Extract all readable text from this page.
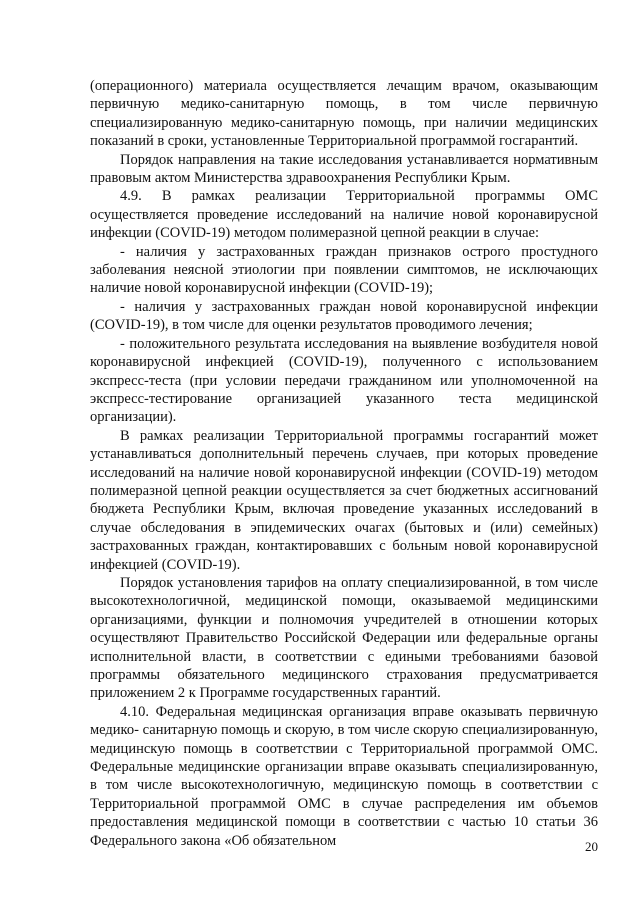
(операционного) материала осуществляется лечащим врачом, оказывающим первичную медико-санитарную помощь, в том числе первичную специализированную медико-санитарную помощь, при наличии медицинских показаний в сроки, установленные Территориальной программой госгарантий.

Порядок направления на такие исследования устанавливается нормативным правовым актом Министерства здравоохранения Республики Крым.

4.9. В рамках реализации Территориальной программы ОМС осуществляется проведение исследований на наличие новой коронавирусной инфекции (COVID-19) методом полимеразной цепной реакции в случае:

- наличия у застрахованных граждан признаков острого простудного заболевания неясной этиологии при появлении симптомов, не исключающих наличие новой коронавирусной инфекции (COVID-19);

- наличия у застрахованных граждан новой коронавирусной инфекции (COVID-19), в том числе для оценки результатов проводимого лечения;

- положительного результата исследования на выявление возбудителя новой коронавирусной инфекцией (COVID-19), полученного с использованием экспресс-теста (при условии передачи гражданином или уполномоченной на экспресс-тестирование организацией указанного теста медицинской организации).

В рамках реализации Территориальной программы госгарантий может устанавливаться дополнительный перечень случаев, при которых проведение исследований на наличие новой коронавирусной инфекции (COVID-19) методом полимеразной цепной реакции осуществляется за счет бюджетных ассигнований бюджета Республики Крым, включая проведение указанных исследований в случае обследования в эпидемических очагах (бытовых и (или) семейных) застрахованных граждан, контактировавших с больным новой коронавирусной инфекцией (COVID-19).

Порядок установления тарифов на оплату специализированной, в том числе высокотехнологичной, медицинской помощи, оказываемой медицинскими организациями, функции и полномочия учредителей в отношении которых осуществляют Правительство Российской Федерации или федеральные органы исполнительной власти, в соответствии с едиными требованиями базовой программы обязательного медицинского страхования предусматривается приложением 2 к Программе государственных гарантий.

4.10. Федеральная медицинская организация вправе оказывать первичную медико- санитарную помощь и скорую, в том числе скорую специализированную, медицинскую помощь в соответствии с Территориальной программой ОМС. Федеральные медицинские организации вправе оказывать специализированную, в том числе высокотехнологичную, медицинскую помощь в соответствии с Территориальной программой ОМС в случае распределения им объемов предоставления медицинской помощи в соответствии с частью 10 статьи 36 Федерального закона «Об обязательном	20
